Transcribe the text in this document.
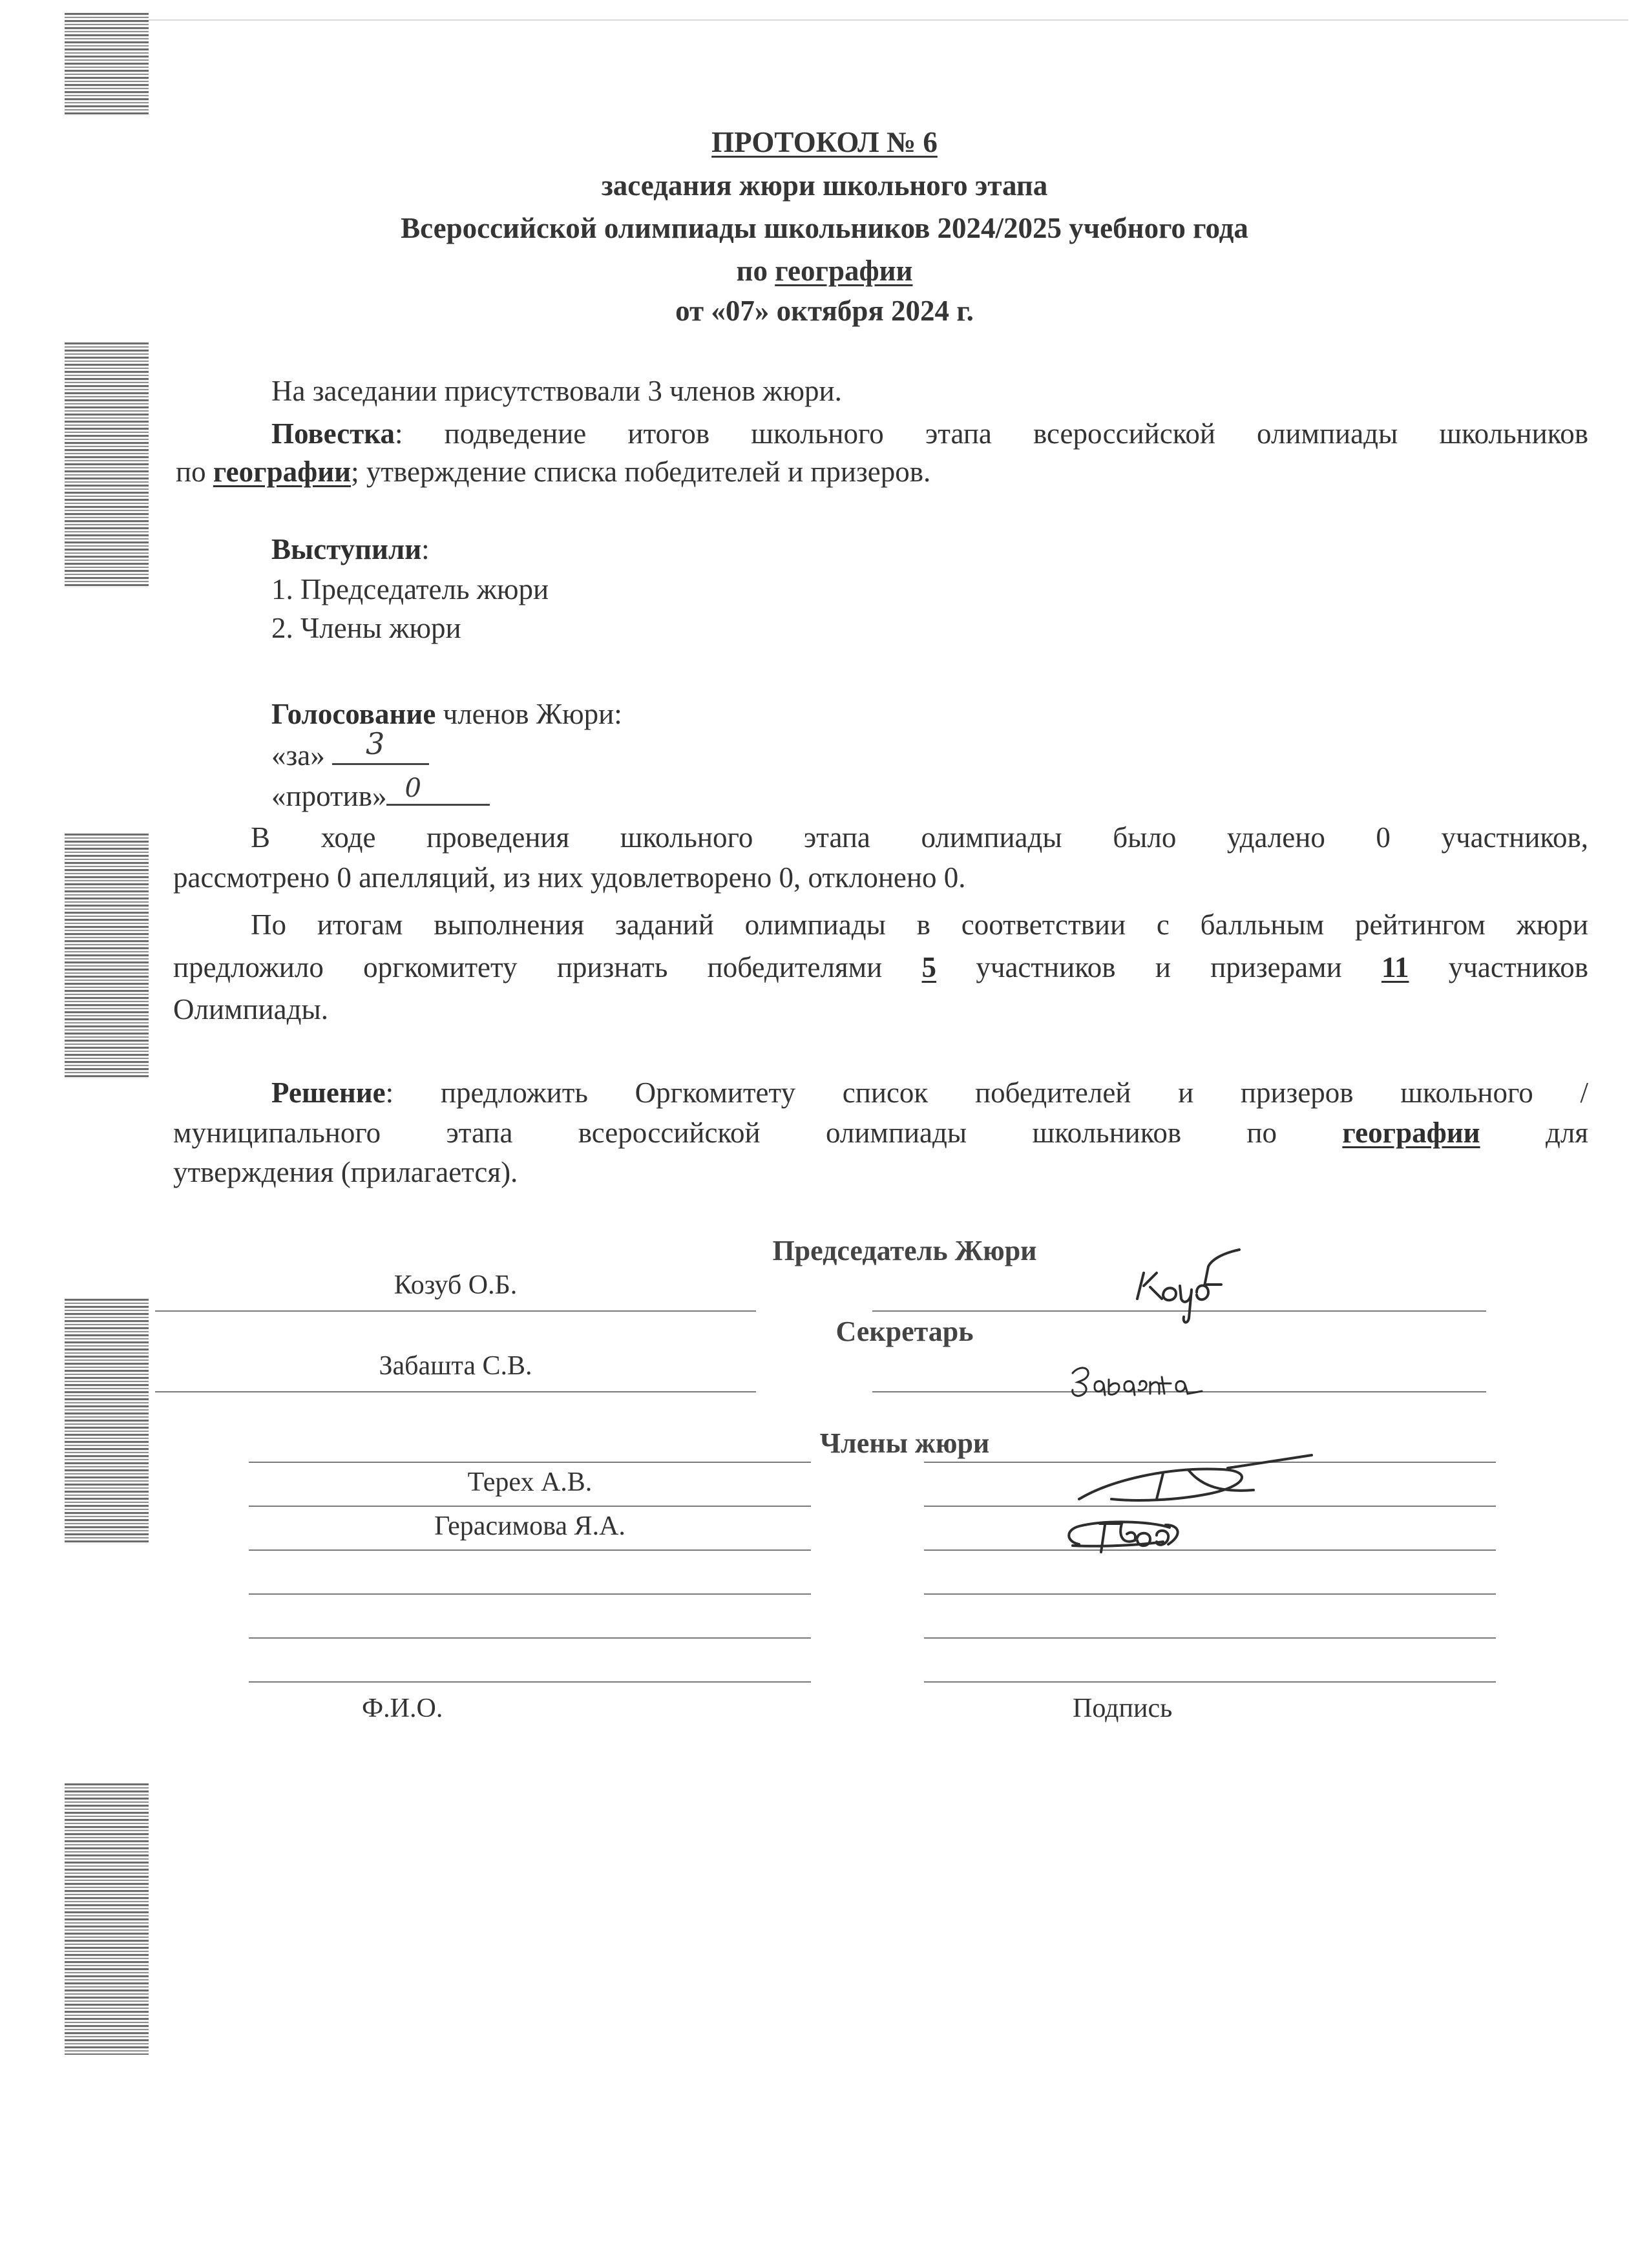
ПРОТОКОЛ № 6
заседания жюри школьного этапа
Всероссийской олимпиады школьников 2024/2025 учебного года
по географии
от «07» октября 2024 г.
На заседании присутствовали 3 членов жюри.
Повестка: подведение итогов школьного этапа всероссийской олимпиады школьников
по географии; утверждение списка победителей и призеров.
Выступили:
1. Председатель жюри
2. Члены жюри
Голосование членов Жюри:
«за» 3
«против» 0
В ходе проведения школьного этапа олимпиады было удалено 0 участников,
рассмотрено 0 апелляций, из них удовлетворено 0, отклонено 0.
По итогам выполнения заданий олимпиады в соответствии с балльным рейтингом жюри
предложило оргкомитету признать победителями 5 участников и призерами 11 участников
Олимпиады.
Решение: предложить Оргкомитету список победителей и призеров школьного /
муниципального этапа всероссийской олимпиады школьников по географии для
утверждения (прилагается).
Председатель Жюри
Козуб О.Б.
Секретарь
Забашта С.В.
Члены жюри
Терех А.В.
Герасимова Я.А.
Ф.И.О.	Подпись
